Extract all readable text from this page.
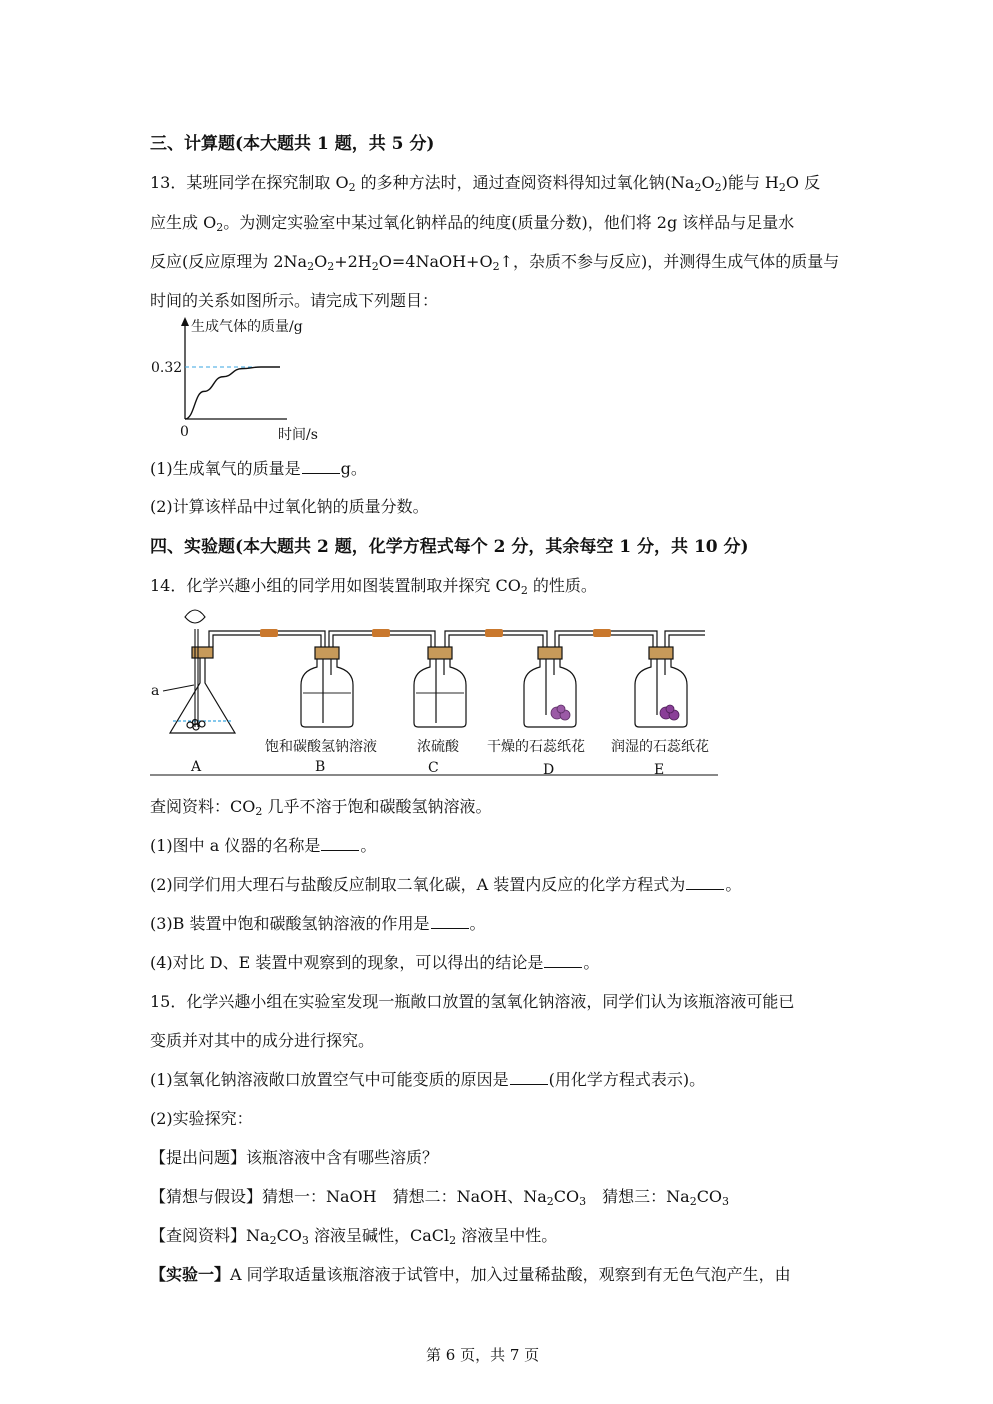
三、计算题(本大题共 1 题，共 5 分)
13．某班同学在探究制取 $O_2$ 的多种方法时，通过查阅资料得知过氧化钠$(Na_2O_2)$能与 $H_2O$ 反
应生成 $O_2$。为测定实验室中某过氧化钠样品的纯度(质量分数)，他们将 2g 该样品与足量水
反应(反应原理为 $2Na_2O_2+2H_2O=4NaOH+O_2↑$，杂质不参与反应)，并测得生成气体的质量与
时间的关系如图所示。请完成下列题目：
生成气体的质量/g
时间/s
0
0.32
(1)生成氧气的质量是	g。
(2)计算该样品中过氧化钠的质量分数。
四、实验题(本大题共 2 题，化学方程式每个 2 分，其余每空 1 分，共 10 分)
14．化学兴趣小组的同学用如图装置制取并探究 $CO_2$ 的性质。
a
饱和碳酸氢钠溶液	浓硫酸 干燥的石蕊纸花 润湿的石蕊纸花
A	B	C	D	E
查阅资料：$CO_2$ 几乎不溶于饱和碳酸氢钠溶液。
(1)图中 a 仪器的名称是	。
(2)同学们用大理石与盐酸反应制取二氧化碳，A 装置内反应的化学方程式为	。
(3)B 装置中饱和碳酸氢钠溶液的作用是	。
(4)对比 D、E 装置中观察到的现象，可以得出的结论是	。
15．化学兴趣小组在实验室发现一瓶敞口放置的氢氧化钠溶液，同学们认为该瓶溶液可能已
变质并对其中的成分进行探究。
(1)氢氧化钠溶液敞口放置空气中可能变质的原因是	(用化学方程式表示)。
(2)实验探究：
【提出问题】该瓶溶液中含有哪些溶质？
【猜想与假设】猜想一：NaOH　猜想二：NaOH、$Na_2CO_3$　猜想三：$Na_2CO_3$
【查阅资料】$Na_2CO_3$ 溶液呈碱性，CaCl$_2$ 溶液呈中性。
【实验一】A 同学取适量该瓶溶液于试管中，加入过量稀盐酸，观察到有无色气泡产生，由
第 6 页，共 7 页
